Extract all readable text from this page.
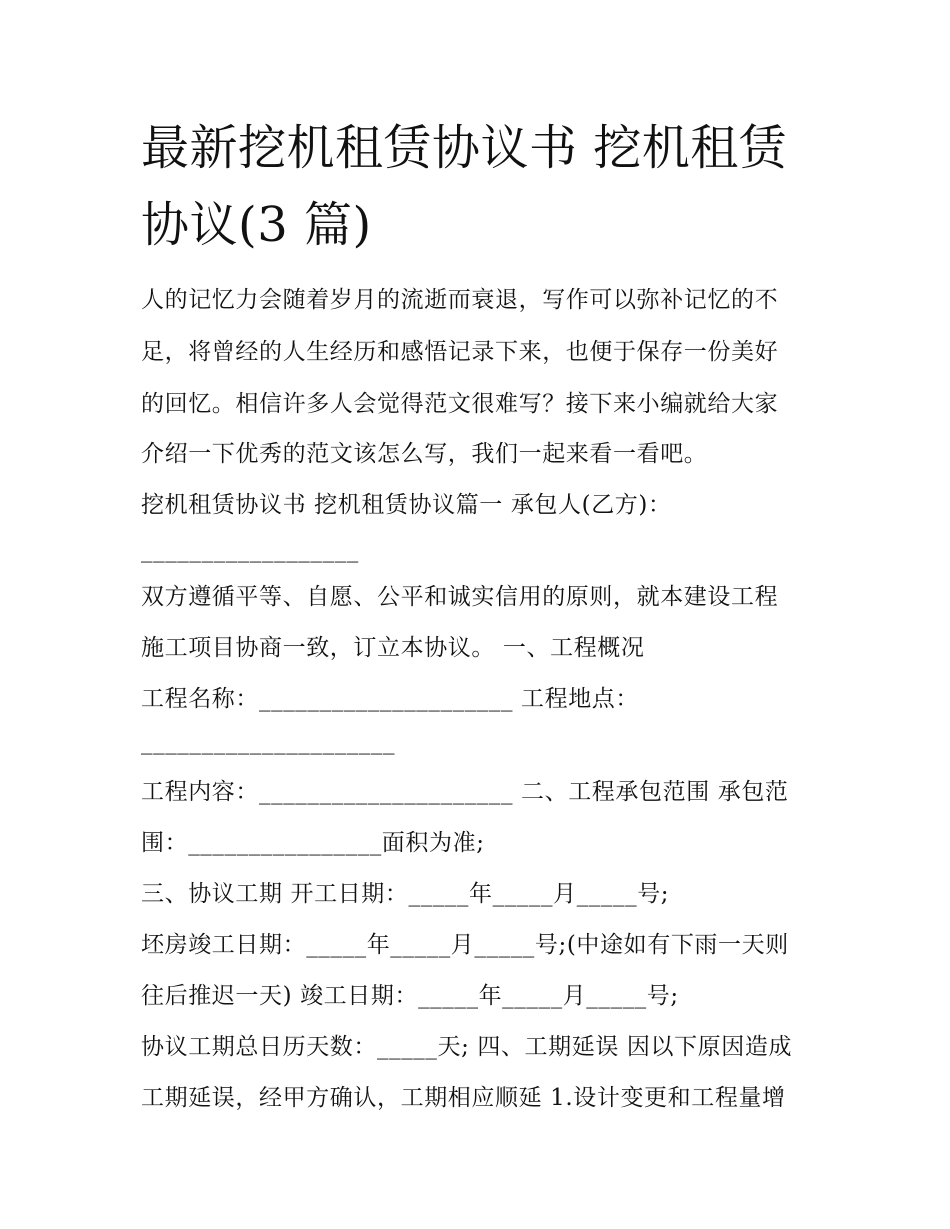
最新挖机租赁协议书 挖机租赁
协议(3 篇)
人的记忆力会随着岁月的流逝而衰退，写作可以弥补记忆的不
足，将曾经的人生经历和感悟记录下来，也便于保存一份美好
的回忆。相信许多人会觉得范文很难写？接下来小编就给大家
介绍一下优秀的范文该怎么写，我们一起来看一看吧。
挖机租赁协议书 挖机租赁协议篇一 承包人(乙方)：
__________________
双方遵循平等、自愿、公平和诚实信用的原则，就本建设工程
施工项目协商一致，订立本协议。 一、工程概况
工程名称：_____________________ 工程地点：
_____________________
工程内容：_____________________ 二、工程承包范围 承包范
围：________________面积为准;
三、协议工期 开工日期：_____年_____月_____号;
坯房竣工日期：_____年_____月_____号;(中途如有下雨一天则
往后推迟一天) 竣工日期：_____年_____月_____号;
协议工期总日历天数：_____天; 四、工期延误 因以下原因造成
工期延误，经甲方确认，工期相应顺延 1.设计变更和工程量增
